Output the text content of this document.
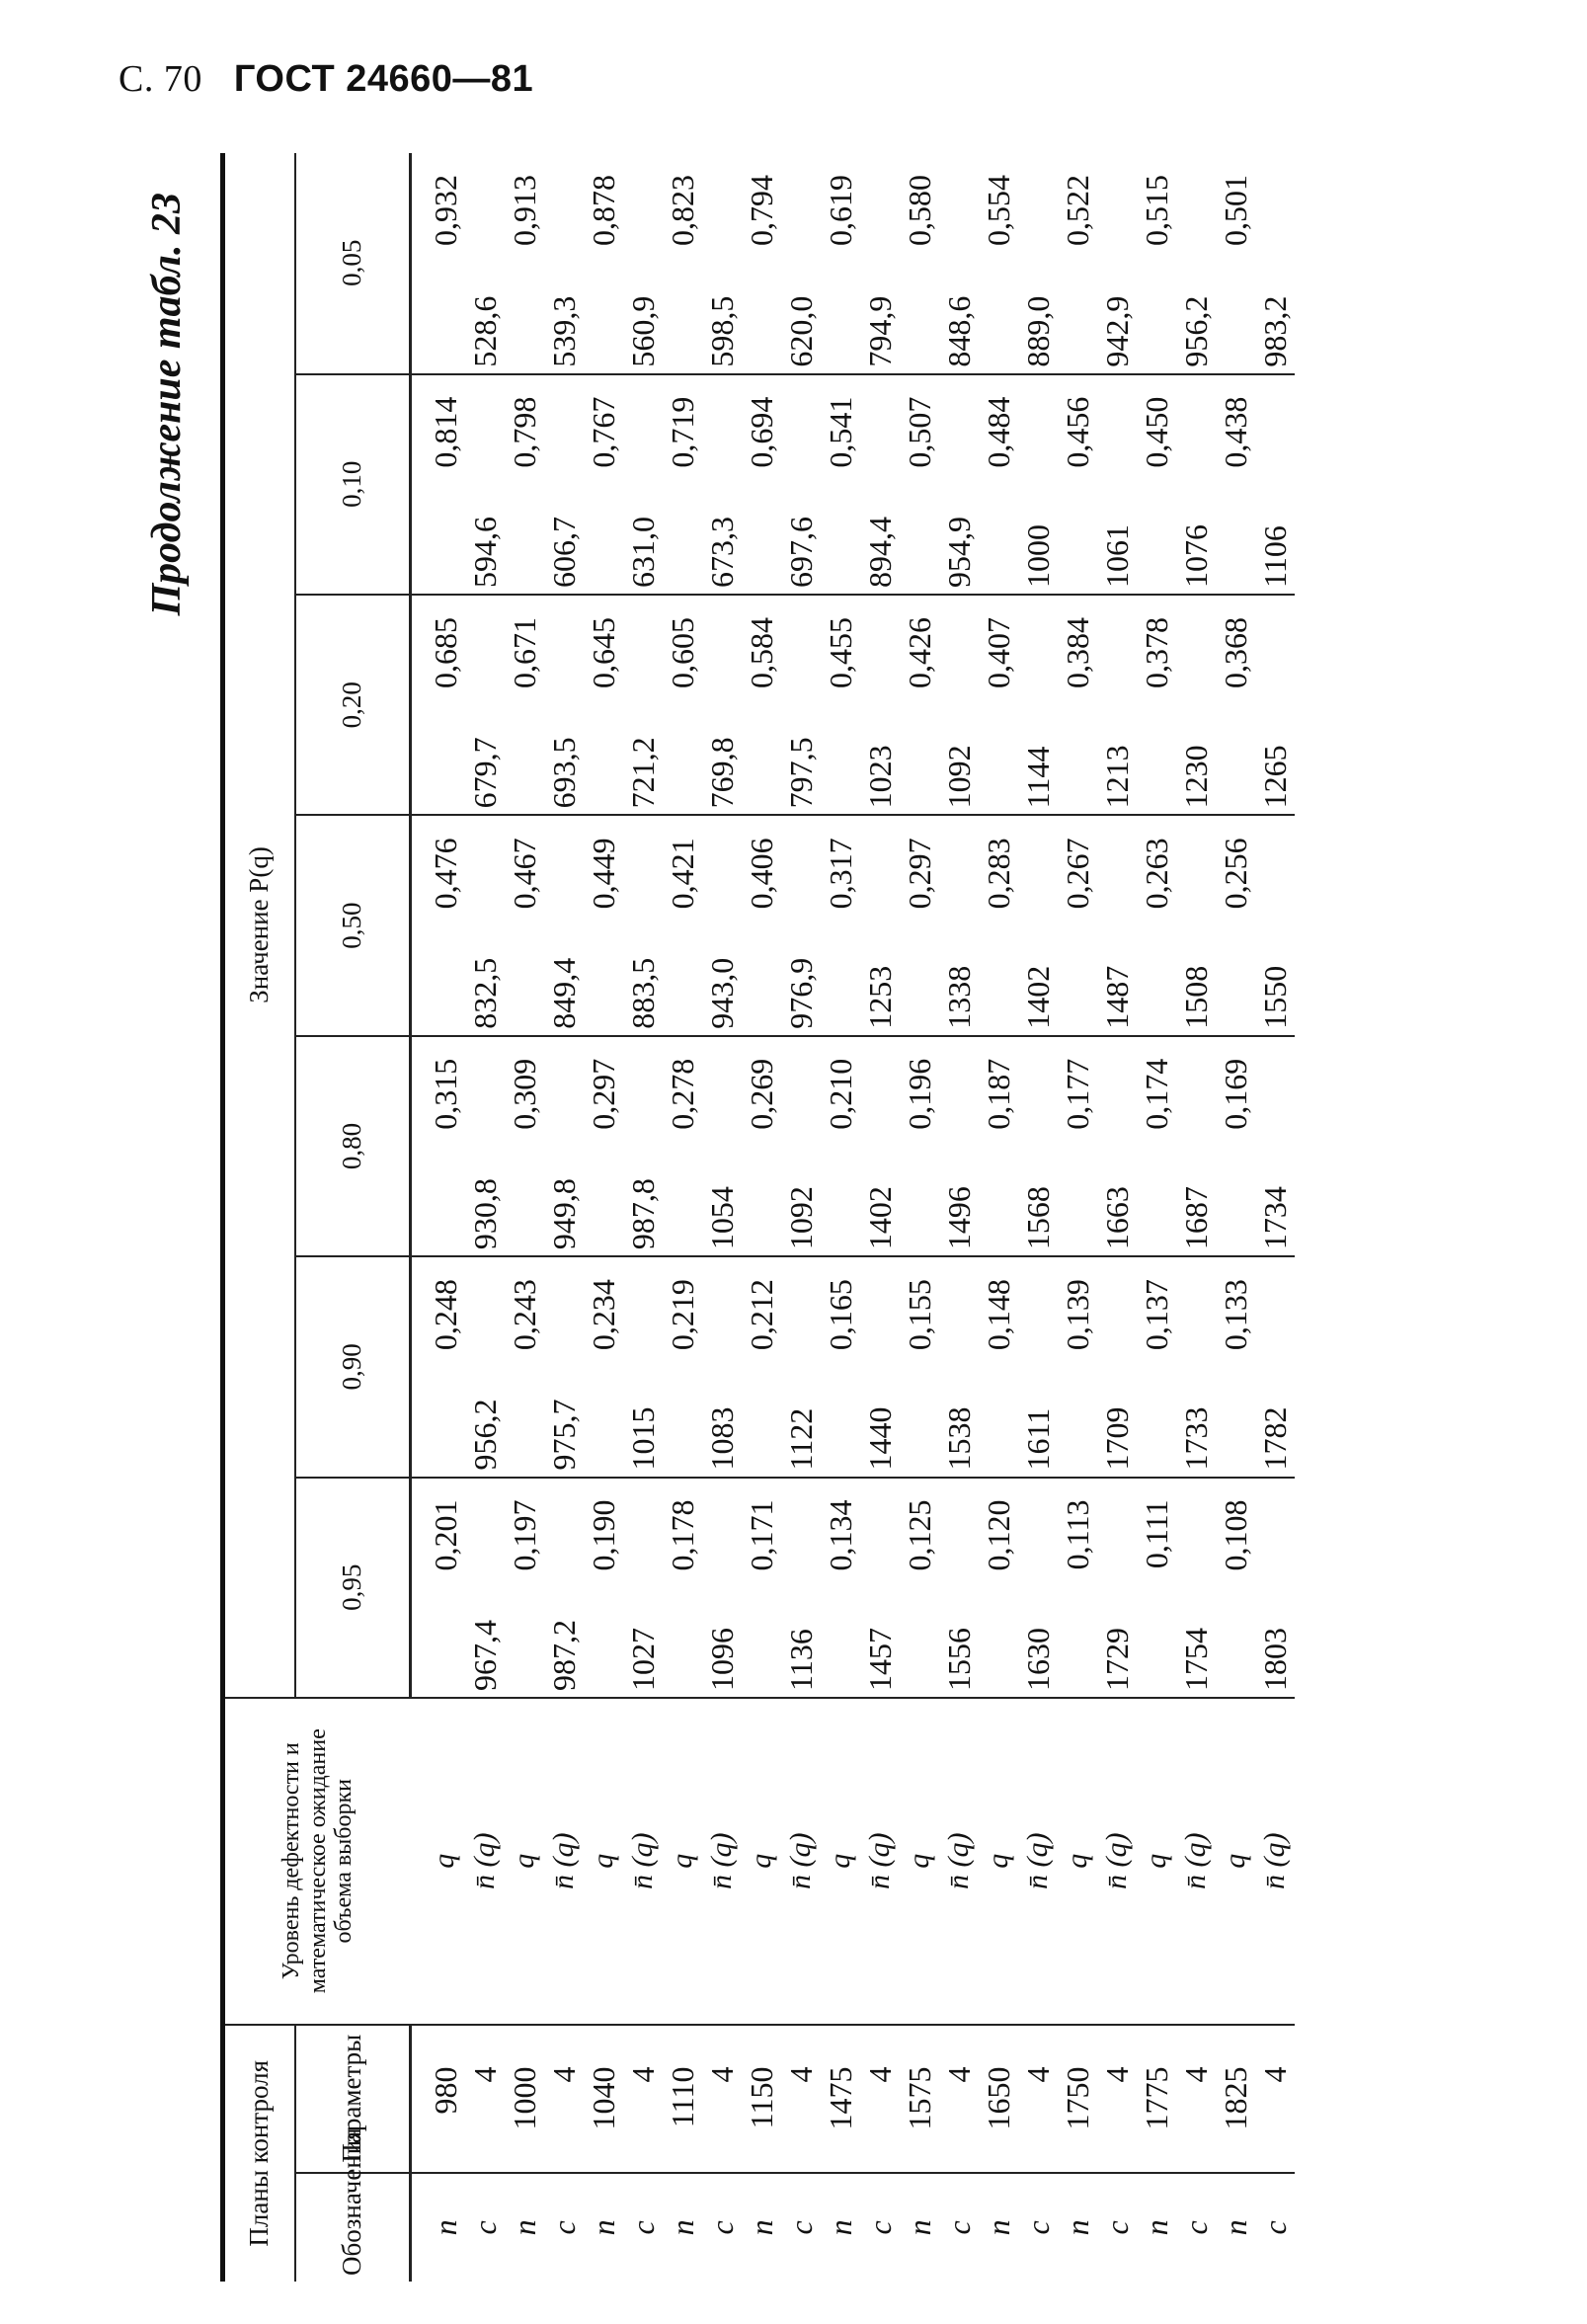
С. 70 ГОСТ 24660—81
Продолжение табл. 23
Планы контроля		Уровень дефектности и математическое ожидание объема выборки	Значение P(q)						
Обозначения	Параметры		0,95	0,90	0,80	0,50	0,20	0,10	0,05
n	980	q	0,201	0,248	0,315	0,476	0,685	0,814	0,932
c	4	n̄ (q)	967,4	956,2	930,8	832,5	679,7	594,6	528,6
n	1000	q	0,197	0,243	0,309	0,467	0,671	0,798	0,913
c	4	n̄ (q)	987,2	975,7	949,8	849,4	693,5	606,7	539,3
n	1040	q	0,190	0,234	0,297	0,449	0,645	0,767	0,878
c	4	n̄ (q)	1027	1015	987,8	883,5	721,2	631,0	560,9
n	1110	q	0,178	0,219	0,278	0,421	0,605	0,719	0,823
c	4	n̄ (q)	1096	1083	1054	943,0	769,8	673,3	598,5
n	1150	q	0,171	0,212	0,269	0,406	0,584	0,694	0,794
c	4	n̄ (q)	1136	1122	1092	976,9	797,5	697,6	620,0
n	1475	q	0,134	0,165	0,210	0,317	0,455	0,541	0,619
c	4	n̄ (q)	1457	1440	1402	1253	1023	894,4	794,9
n	1575	q	0,125	0,155	0,196	0,297	0,426	0,507	0,580
c	4	n̄ (q)	1556	1538	1496	1338	1092	954,9	848,6
n	1650	q	0,120	0,148	0,187	0,283	0,407	0,484	0,554
c	4	n̄ (q)	1630	1611	1568	1402	1144	1000	889,0
n	1750	q	0,113	0,139	0,177	0,267	0,384	0,456	0,522
c	4	n̄ (q)	1729	1709	1663	1487	1213	1061	942,9
n	1775	q	0,111	0,137	0,174	0,263	0,378	0,450	0,515
c	4	n̄ (q)	1754	1733	1687	1508	1230	1076	956,2
n	1825	q	0,108	0,133	0,169	0,256	0,368	0,438	0,501
c	4	n̄ (q)	1803	1782	1734	1550	1265	1106	983,2
